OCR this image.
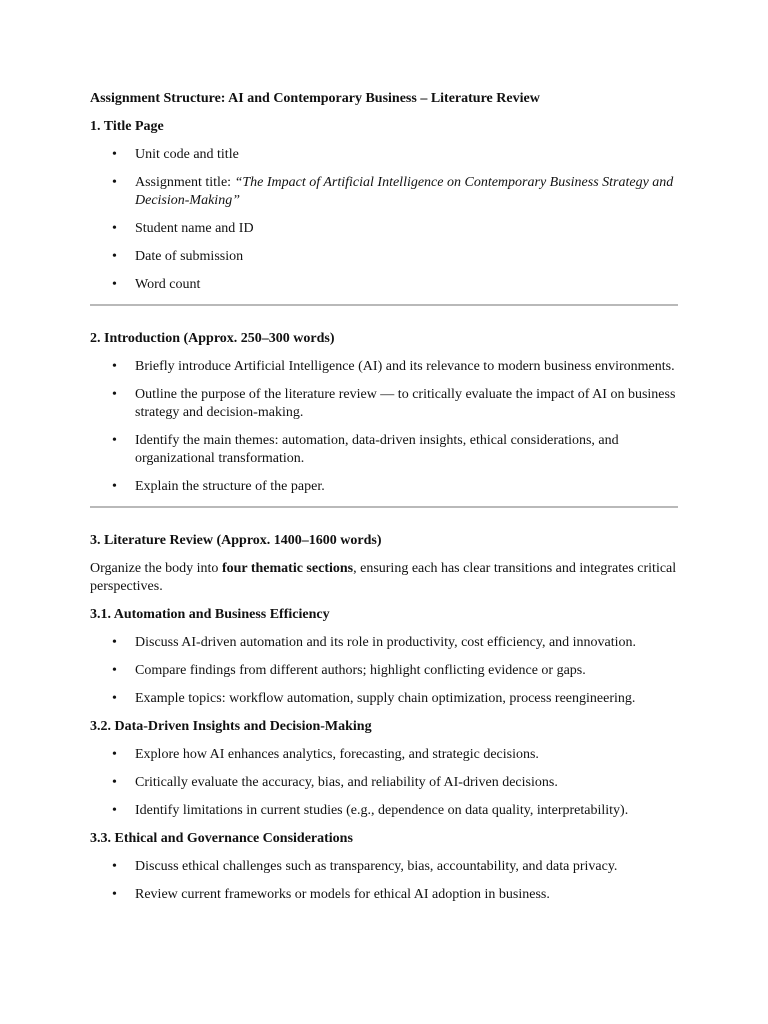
Assignment Structure: AI and Contemporary Business – Literature Review
1. Title Page
• Unit code and title
• Assignment title: “The Impact of Artificial Intelligence on Contemporary Business Strategy and Decision-Making”
• Student name and ID
• Date of submission
• Word count
2. Introduction (Approx. 250–300 words)
• Briefly introduce Artificial Intelligence (AI) and its relevance to modern business environments.
• Outline the purpose of the literature review — to critically evaluate the impact of AI on business strategy and decision-making.
• Identify the main themes: automation, data-driven insights, ethical considerations, and organizational transformation.
• Explain the structure of the paper.
3. Literature Review (Approx. 1400–1600 words)
Organize the body into four thematic sections, ensuring each has clear transitions and integrates critical perspectives.
3.1. Automation and Business Efficiency
• Discuss AI-driven automation and its role in productivity, cost efficiency, and innovation.
• Compare findings from different authors; highlight conflicting evidence or gaps.
• Example topics: workflow automation, supply chain optimization, process reengineering.
3.2. Data-Driven Insights and Decision-Making
• Explore how AI enhances analytics, forecasting, and strategic decisions.
• Critically evaluate the accuracy, bias, and reliability of AI-driven decisions.
• Identify limitations in current studies (e.g., dependence on data quality, interpretability).
3.3. Ethical and Governance Considerations
• Discuss ethical challenges such as transparency, bias, accountability, and data privacy.
• Review current frameworks or models for ethical AI adoption in business.
